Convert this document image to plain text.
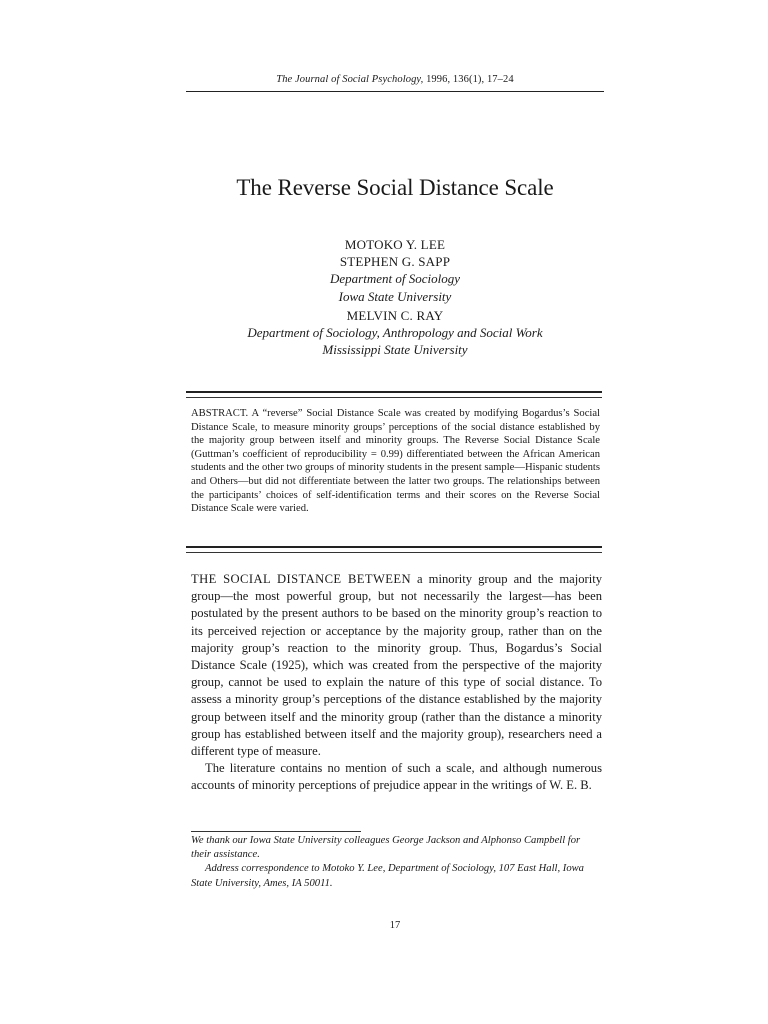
The Journal of Social Psychology, 1996, 136(1), 17–24
The Reverse Social Distance Scale
MOTOKO Y. LEE
STEPHEN G. SAPP
Department of Sociology
Iowa State University
MELVIN C. RAY
Department of Sociology, Anthropology and Social Work
Mississippi State University

ABSTRACT. A “reverse” Social Distance Scale was created by modifying Bogardus’s Social Distance Scale, to measure minority groups’ perceptions of the social distance established by the majority group between itself and minority groups. The Reverse Social Distance Scale (Guttman’s coefficient of reproducibility = 0.99) differentiated between the African American students and the other two groups of minority students in the present sample—Hispanic students and Others—but did not differentiate between the latter two groups. The relationships between the participants’ choices of self-identification terms and their scores on the Reverse Social Distance Scale were varied.

THE SOCIAL DISTANCE BETWEEN a minority group and the majority group—the most powerful group, but not necessarily the largest—has been postulated by the present authors to be based on the minority group’s reaction to its perceived rejection or acceptance by the majority group, rather than on the majority group’s reaction to the minority group. Thus, Bogardus’s Social Distance Scale (1925), which was created from the perspective of the majority group, cannot be used to explain the nature of this type of social distance. To assess a minority group’s perceptions of the distance established by the majority group between itself and the minority group (rather than the distance a minority group has established between itself and the majority group), researchers need a different type of measure.

The literature contains no mention of such a scale, and although numerous accounts of minority perceptions of prejudice appear in the writings of W. E. B.

We thank our Iowa State University colleagues George Jackson and Alphonso Campbell for their assistance.

Address correspondence to Motoko Y. Lee, Department of Sociology, 107 East Hall, Iowa State University, Ames, IA 50011.

17
